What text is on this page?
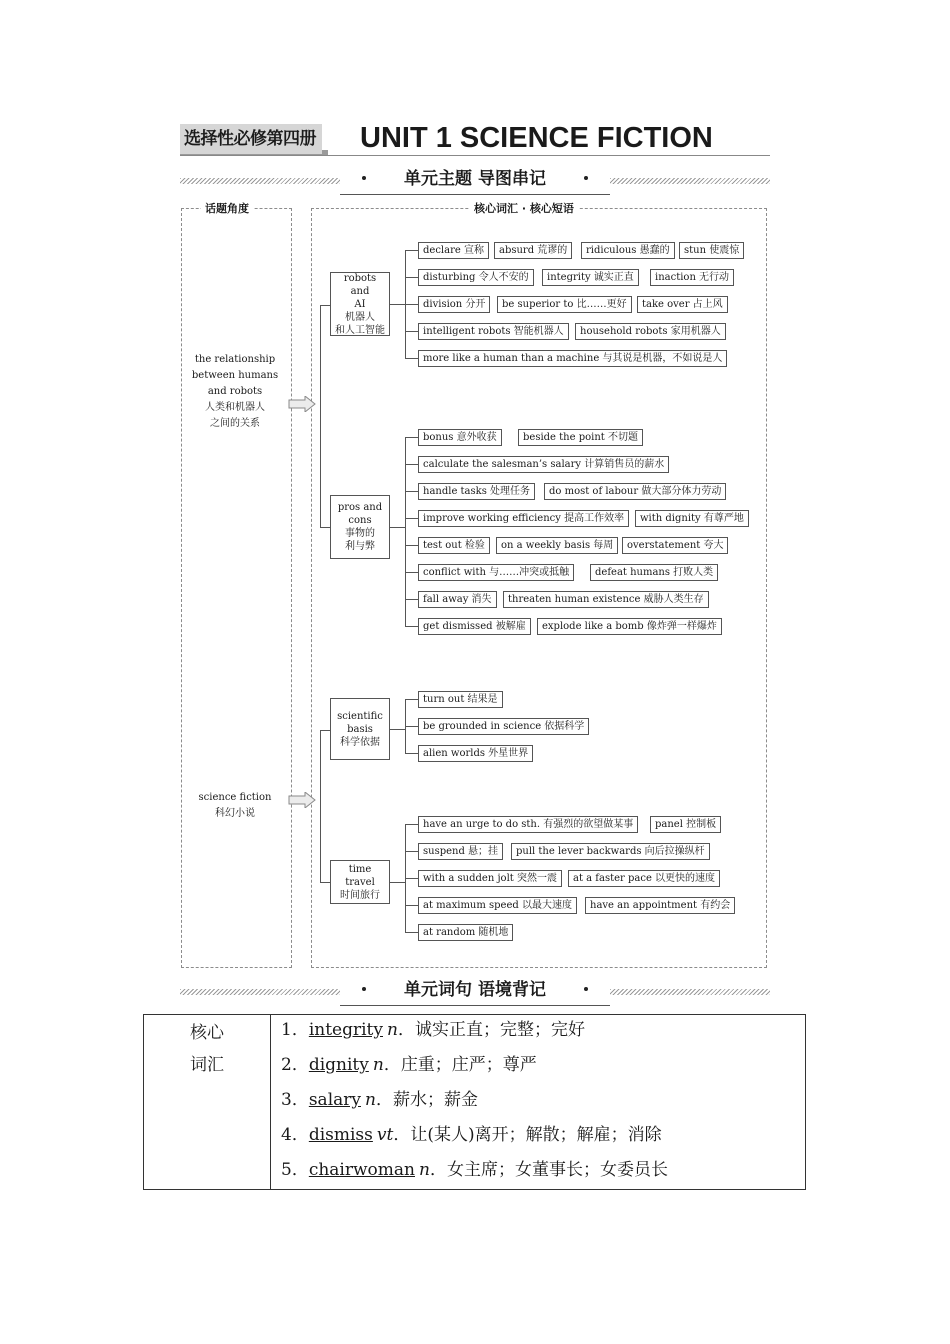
选择性必修第四册 UNIT 1 SCIENCE FICTION
单元主题 导图串记
话题角度	核心词汇 · 核心短语
the relationship
between humans
and robots
人类和机器人
之间的关系
science fiction
科幻小说
robots and
AI
机器人
和人工智能
declare 宣称	absurd 荒谬的	ridiculous 愚蠢的	stun 使震惊
disturbing 令人不安的	integrity 诚实正直	inaction 无行动
division 分开	be superior to 比……更好	take over 占上风
intelligent robots 智能机器人	household robots 家用机器人
more like a human than a machine 与其说是机器，不如说是人
pros and
cons
事物的
利与弊
bonus 意外收获	beside the point 不切题
calculate the salesman’s salary 计算销售员的薪水
handle tasks 处理任务	do most of labour 做大部分体力劳动
improve working efficiency 提高工作效率	with dignity 有尊严地
test out 检验	on a weekly basis 每周	overstatement 夸大
conflict with 与……冲突或抵触	defeat humans 打败人类
fall away 消失	threaten human existence 威胁人类生存
get dismissed 被解雇	explode like a bomb 像炸弹一样爆炸
scientific
basis
科学依据
turn out 结果是
be grounded in science 依据科学
alien worlds 外星世界
time travel
时间旅行
have an urge to do sth. 有强烈的欲望做某事	panel 控制板
suspend 悬；挂	pull the lever backwards 向后拉操纵杆
with a sudden jolt 突然一震	at a faster pace 以更快的速度
at maximum speed 以最大速度	have an appointment 有约会
at random 随机地
单元词句 语境背记
核心
词汇
1．integrity n．诚实正直；完整；完好
2．dignity n．庄重；庄严；尊严
3．salary n．薪水；薪金
4．dismiss vt．让(某人)离开；解散；解雇；消除
5．chairwoman n．女主席；女董事长；女委员长
